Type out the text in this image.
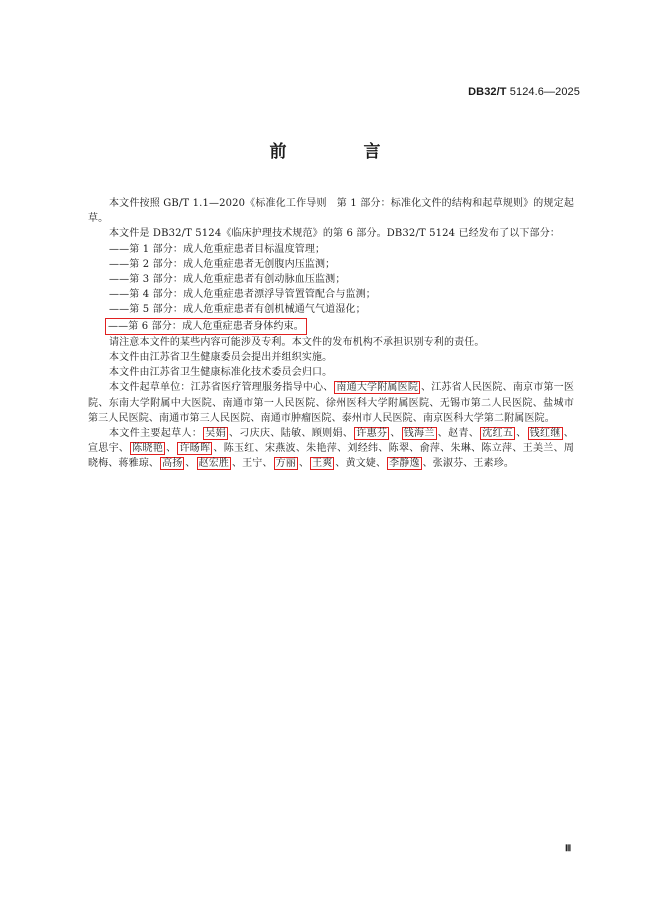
DB32/T 5124.6—2025
前　言

本文件按照 GB/T 1.1—2020《标准化工作导则　第 1 部分：标准化文件的结构和起草规则》的规定起草。

本文件是 DB32/T 5124《临床护理技术规范》的第 6 部分。DB32/T 5124 已经发布了以下部分：

——第 1 部分：成人危重症患者目标温度管理；

——第 2 部分：成人危重症患者无创腹内压监测；

——第 3 部分：成人危重症患者有创动脉血压监测；

——第 4 部分：成人危重症患者漂浮导管置管配合与监测；

——第 5 部分：成人危重症患者有创机械通气气道湿化；

——第 6 部分：成人危重症患者身体约束。

请注意本文件的某些内容可能涉及专利。本文件的发布机构不承担识别专利的责任。

本文件由江苏省卫生健康委员会提出并组织实施。

本文件由江苏省卫生健康标准化技术委员会归口。

本文件起草单位：江苏省医疗管理服务指导中心、 南通大学附属医院 、江苏省人民医院、南京市第一医院、东南大学附属中大医院、南通市第一人民医院、徐州医科大学附属医院、无锡市第二人民医院、盐城市第三人民医院、南通市第三人民医院、南通市肿瘤医院、泰州市人民医院、南京医科大学第二附属医院。

本文件主要起草人： 吴娟 、刁庆庆、陆敏、顾则娟、 许惠芬 、 钱海兰 、赵青、 沈红五 、 钱红继 、宣思宇、 陈晓艳 、 许旸晖 、陈玉红、宋燕波、朱艳萍、刘经纬、陈翠、俞萍、朱琳、陈立萍、王美兰、周晓梅、蒋雅琼、 高扬 、 赵宏胜 、王宁、 方丽 、 王爽 、黄文婕、 李静逸 、张淑芬、王素珍。

Ⅲ
